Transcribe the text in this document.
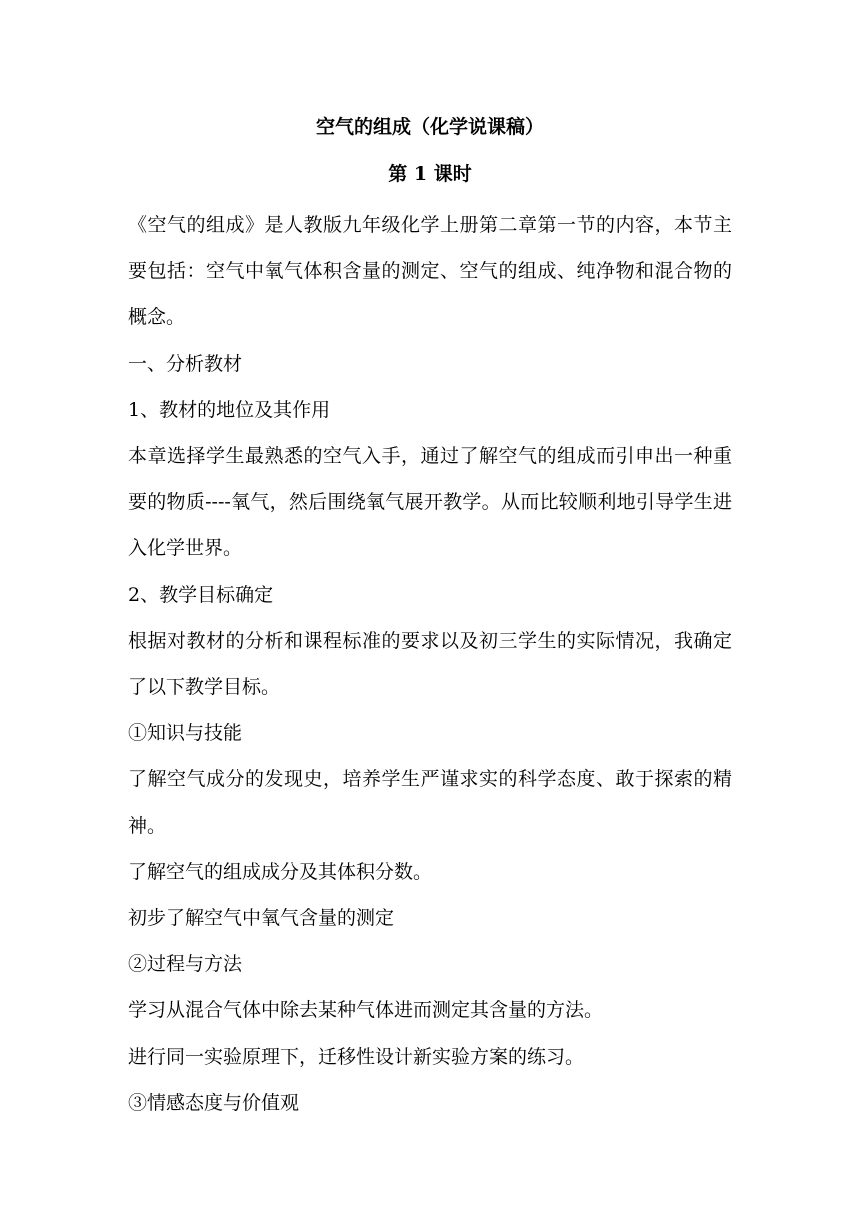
空气的组成（化学说课稿）
第 1 课时

《空气的组成》是人教版九年级化学上册第二章第一节的内容，本节主要包括：空气中氧气体积含量的测定、空气的组成、纯净物和混合物的概念。

一、分析教材

1、教材的地位及其作用

本章选择学生最熟悉的空气入手，通过了解空气的组成而引申出一种重要的物质----氧气，然后围绕氧气展开教学。从而比较顺利地引导学生进入化学世界。

2、教学目标确定

根据对教材的分析和课程标准的要求以及初三学生的实际情况，我确定了以下教学目标。

①知识与技能

了解空气成分的发现史，培养学生严谨求实的科学态度、敢于探索的精神。

了解空气的组成成分及其体积分数。

初步了解空气中氧气含量的测定

②过程与方法

学习从混合气体中除去某种气体进而测定其含量的方法。

进行同一实验原理下，迁移性设计新实验方案的练习。

③情感态度与价值观
